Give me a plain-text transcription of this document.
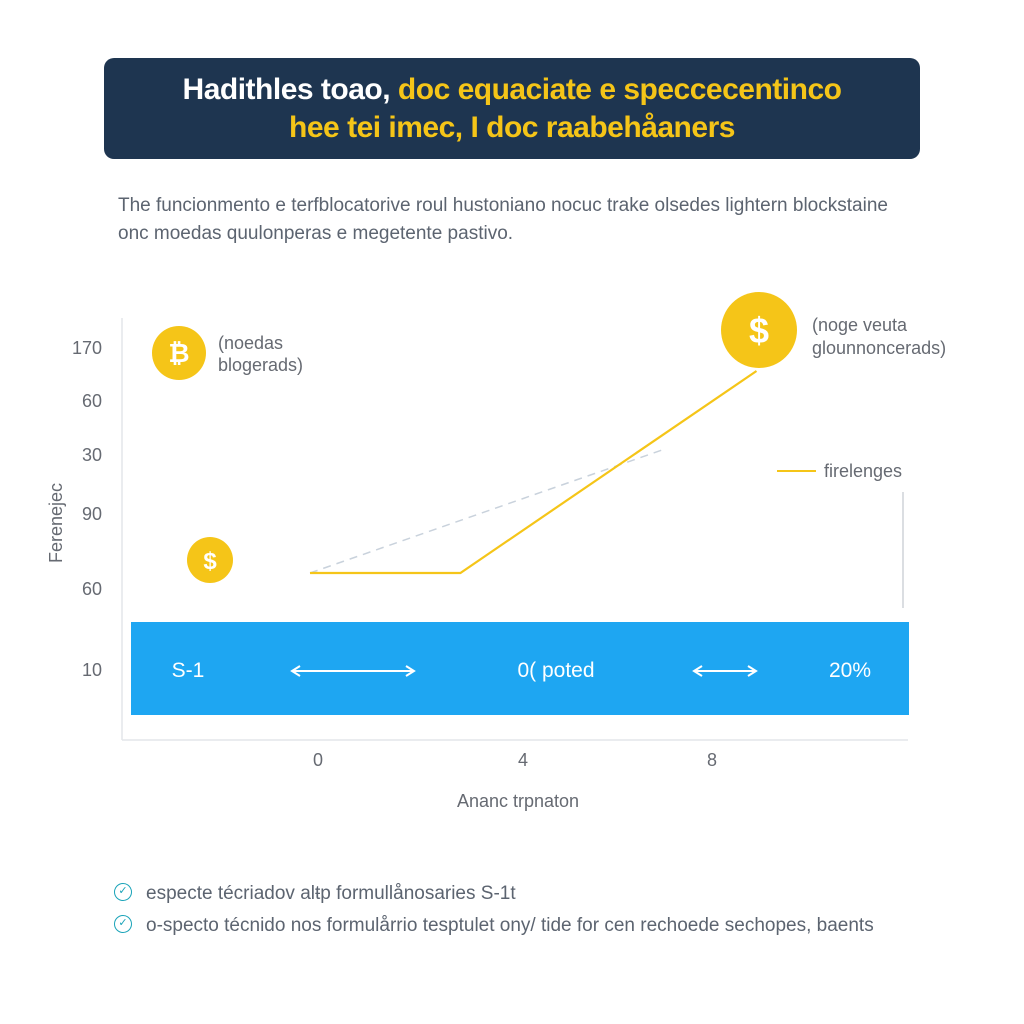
Hadithles toao, doc equaciate e speccecentinco
hee tei imec, I doc raabehåaners
The funcionmento e terfblocatorive roul hustoniano nocuc trake olsedes lightern blockstaine onc moedas quulonperas e megetente pastivo.
170
60
30
90
60
10
Ferenejec
S-1	0( poted	20%
0	4	8
Ananc trpnaton
firelenges
₿
$
$
(noedas
blogerads)
(noge veuta
glounnoncerads)
✓ especte técriadov alŧp formullånosaries S-1t
✓ o-specto técnido nos formulårrio tesptulet ony/ tide for cen rechoede sechopes, baents
